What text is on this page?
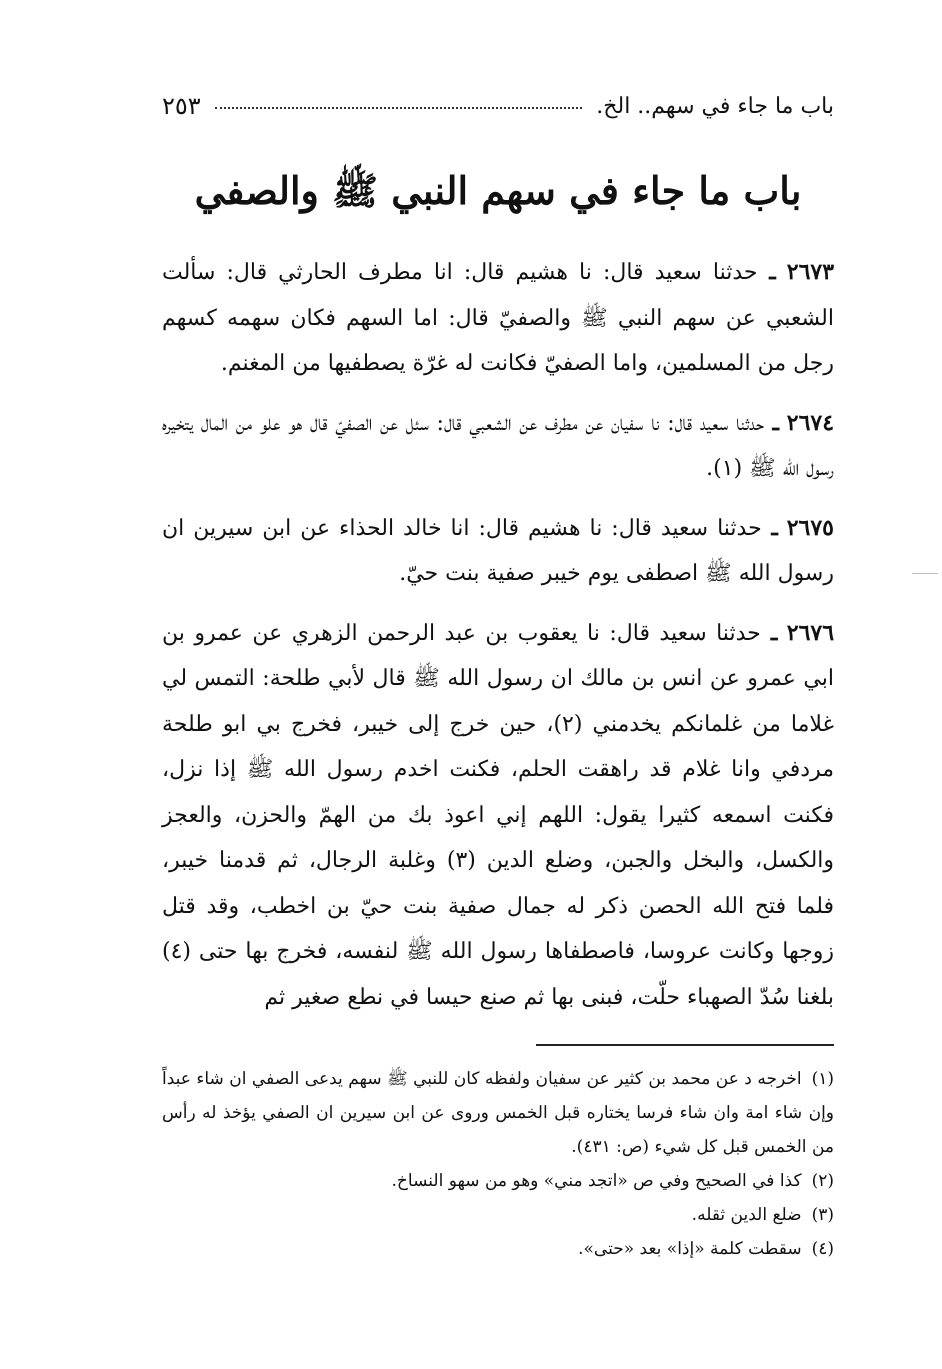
باب ما جاء في سهم.. الخ.
٢٥٣
باب ما جاء في سهم النبي ﷺ والصفي

٢٦٧٣ ـ حدثنا سعيد قال: نا هشيم قال: انا مطرف الحارثي قال: سألت الشعبي عن سهم النبي ﷺ والصفيّ قال: اما السهم فكان سهمه كسهم رجل من المسلمين، واما الصفيّ فكانت له غرّة يصطفيها من المغنم.

٢٦٧٤ ـ حدثنا سعيد قال: نا سفيان عن مطرف عن الشعبي قال: سئل عن الصفيّ قال هو علو من المال يتخيره رسول الله ﷺ (١).

٢٦٧٥ ـ حدثنا سعيد قال: نا هشيم قال: انا خالد الحذاء عن ابن سيرين ان رسول الله ﷺ اصطفى يوم خيبر صفية بنت حيّ.

٢٦٧٦ ـ حدثنا سعيد قال: نا يعقوب بن عبد الرحمن الزهري عن عمرو بن ابي عمرو عن انس بن مالك ان رسول الله ﷺ قال لأبي طلحة: التمس لي غلاما من غلمانكم يخدمني (٢)، حين خرج إلى خيبر، فخرج بي ابو طلحة مردفي وانا غلام قد راهقت الحلم، فكنت اخدم رسول الله ﷺ إذا نزل، فكنت اسمعه كثيرا يقول: اللهم إني اعوذ بك من الهمّ والحزن، والعجز والكسل، والبخل والجبن، وضلع الدين (٣) وغلبة الرجال، ثم قدمنا خيبر، فلما فتح الله الحصن ذكر له جمال صفية بنت حيّ بن اخطب، وقد قتل زوجها وكانت عروسا، فاصطفاها رسول الله ﷺ لنفسه، فخرج بها حتى (٤) بلغنا سُدّ الصهباء حلّت، فبنى بها ثم صنع حيسا في نطع صغير ثم

(١)اخرجه د عن محمد بن كثير عن سفيان ولفظه كان للنبي ﷺ سهم يدعى الصفي ان شاء عبداً وإن شاء امة وان شاء فرسا يختاره قبل الخمس وروى عن ابن سيرين ان الصفي يؤخذ له رأس من الخمس قبل كل شيء (ص: ٤٣١).

(٢)كذا في الصحيح وفي ص «اتجد مني» وهو من سهو النساخ.

(٣)ضلع الدين ثقله.

(٤)سقطت كلمة «إذا» بعد «حتى».
